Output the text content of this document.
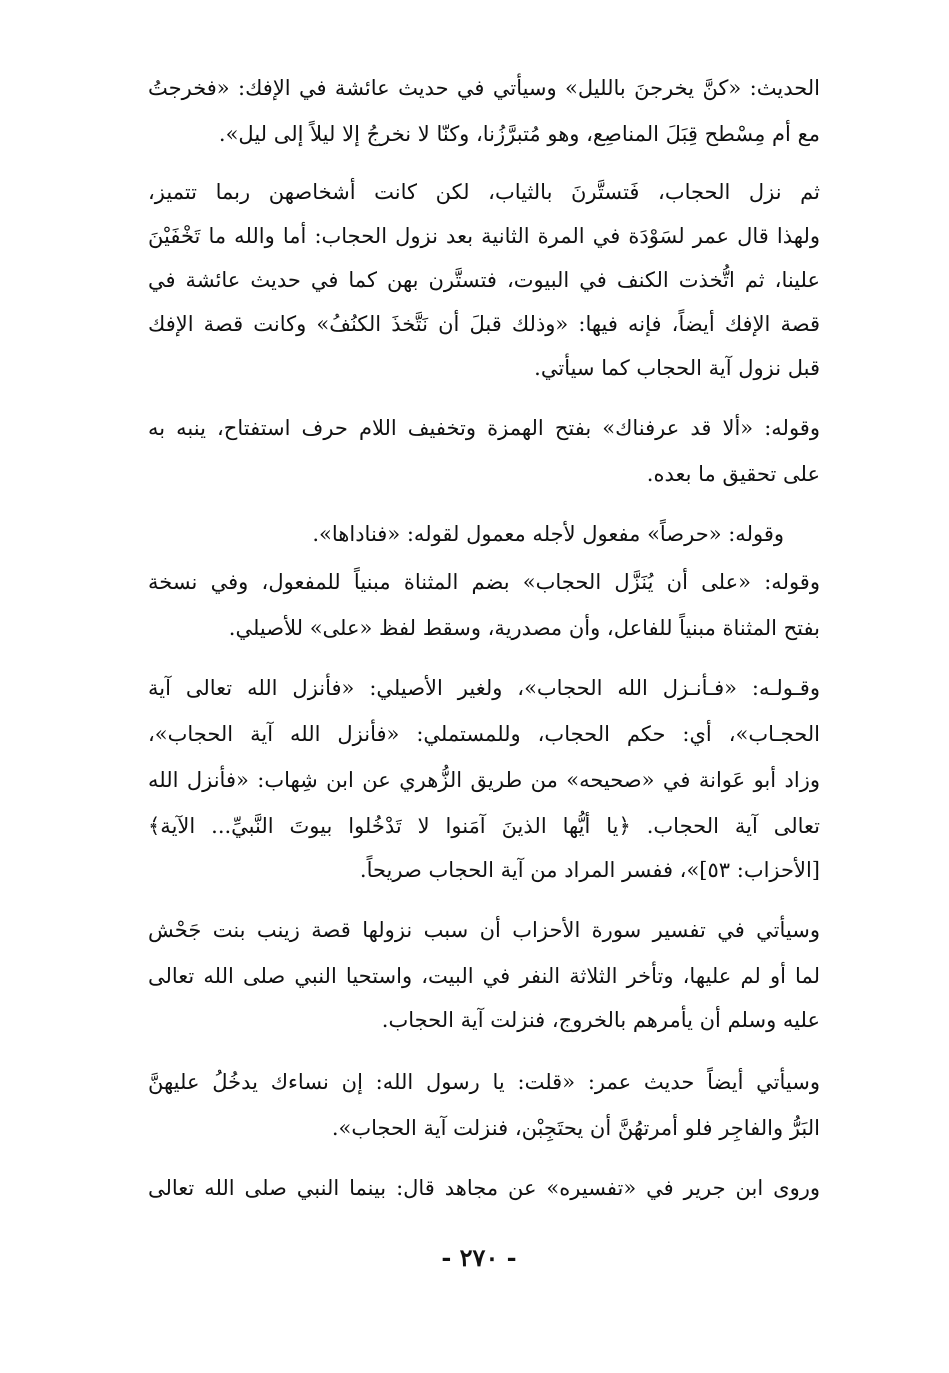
الحديث: «كنَّ يخرجنَ بالليل» وسيأتي في حديث عائشة في الإفك: «فخرجتُ
مع أم مِسْطح قِبَلَ المناصِع، وهو مُتبرَّزُنا، وكنّا لا نخرجُ إلا ليلاً إلى ليل».
ثم نزل الحجاب، فَتستَّرنَ بالثياب، لكن كانت أشخاصهن ربما تتميز،
ولهذا قال عمر لسَوْدَة في المرة الثانية بعد نزول الحجاب: أما والله ما تَخْفَيْنَ
علينا، ثم اتُّخذت الكنف في البيوت، فتستَّرن بهن كما في حديث عائشة في
قصة الإفك أيضاً، فإنه فيها: «وذلك قبلَ أن نَتَّخذَ الكنُفُ» وكانت قصة الإفك
قبل نزول آية الحجاب كما سيأتي.
وقوله: «ألا قد عرفناك» بفتح الهمزة وتخفيف اللام حرف استفتاح، ينبه به
على تحقيق ما بعده.
وقوله: «حرصاً» مفعول لأجله معمول لقوله: «فناداها».
وقوله: «على أن يُنَزَّل الحجاب» بضم المثناة مبنياً للمفعول، وفي نسخة
بفتح المثناة مبنياً للفاعل، وأن مصدرية، وسقط لفظ «على» للأصيلي.
وقـولـه: «فـأنـزل الله الحجاب»، ولغير الأصيلي: «فأنزل الله تعالى آية
الحجـاب»، أي: حكم الحجاب، وللمستملي: «فأنزل الله آية الحجاب»،
وزاد أبو عَوانة في «صحيحه» من طريق الزُّهري عن ابن شِهاب: «فأنزل الله
تعالى آية الحجاب. ﴿يا أيُّها الذينَ آمَنوا لا تَدْخُلوا بيوتَ النَّبيِّ... الآية﴾
[الأحزاب: ٥٣]»، ففسر المراد من آية الحجاب صريحاً.
وسيأتي في تفسير سورة الأحزاب أن سبب نزولها قصة زينب بنت جَحْش
لما أو لم عليها، وتأخر الثلاثة النفر في البيت، واستحيا النبي صلى الله تعالى
عليه وسلم أن يأمرهم بالخروج، فنزلت آية الحجاب.
وسيأتي أيضاً حديث عمر: «قلت: يا رسول الله: إن نساءك يدخُلُ عليهنَّ
البَرُّ والفاجِر فلو أمرتهُنَّ أن يحتَجِبْن، فنزلت آية الحجاب».
وروى ابن جرير في «تفسيره» عن مجاهد قال: بينما النبي صلى الله تعالى
- ٢٧٠ -
